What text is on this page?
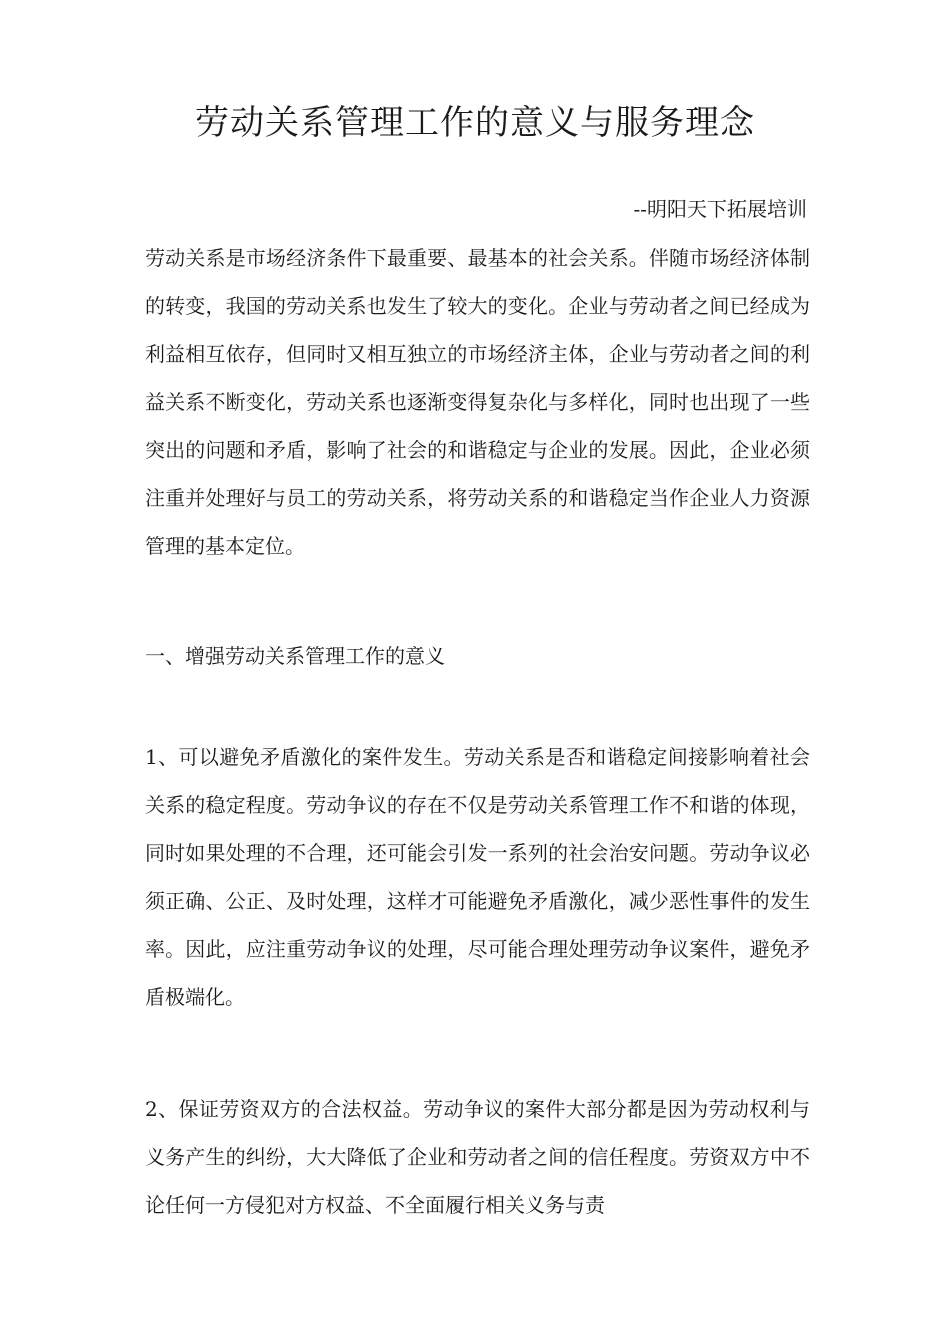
劳动关系管理工作的意义与服务理念
--明阳天下拓展培训

劳动关系是市场经济条件下最重要、最基本的社会关系。伴随市场经济体制的转变，我国的劳动关系也发生了较大的变化。企业与劳动者之间已经成为利益相互依存，但同时又相互独立的市场经济主体，企业与劳动者之间的利益关系不断变化，劳动关系也逐渐变得复杂化与多样化，同时也出现了一些突出的问题和矛盾，影响了社会的和谐稳定与企业的发展。因此，企业必须注重并处理好与员工的劳动关系，将劳动关系的和谐稳定当作企业人力资源管理的基本定位。

一、增强劳动关系管理工作的意义

1、可以避免矛盾激化的案件发生。劳动关系是否和谐稳定间接影响着社会关系的稳定程度。劳动争议的存在不仅是劳动关系管理工作不和谐的体现，同时如果处理的不合理，还可能会引发一系列的社会治安问题。劳动争议必须正确、公正、及时处理，这样才可能避免矛盾激化，减少恶性事件的发生率。因此，应注重劳动争议的处理，尽可能合理处理劳动争议案件，避免矛盾极端化。

2、保证劳资双方的合法权益。劳动争议的案件大部分都是因为劳动权利与义务产生的纠纷，大大降低了企业和劳动者之间的信任程度。劳资双方中不论任何一方侵犯对方权益、不全面履行相关义务与责
